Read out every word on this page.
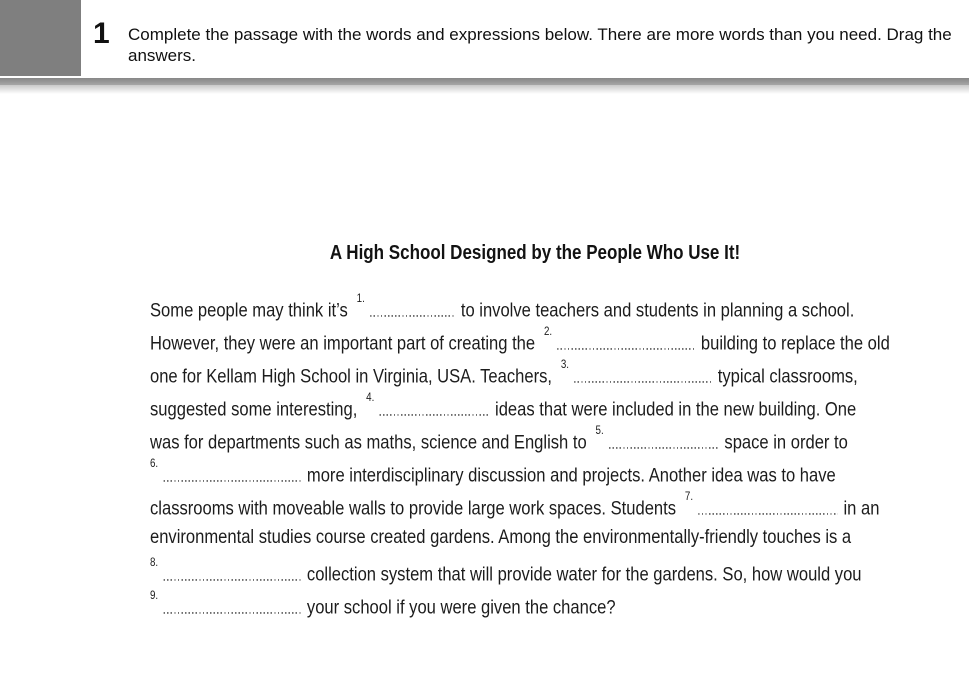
1 Complete the passage with the words and expressions below. There are more words than you need. Drag the answers.
A High School Designed by the People Who Use It!
Some people may think it’s $^{1.}$to involve teachers and students in planning a school.
However, they were an important part of creating the $^{2.}$building to replace the old
one for Kellam High School in Virginia, USA. Teachers, $^{3.}$typical classrooms,
suggested some interesting, $^{4.}$ideas that were included in the new building. One
was for departments such as maths, science and English to $^{5.}$space in order to
$^{6.}$more interdisciplinary discussion and projects. Another idea was to have
classrooms with moveable walls to provide large work spaces. Students $^{7.}$in an
environmental studies course created gardens. Among the environmentally-friendly touches is a
$^{8.}$collection system that will provide water for the gardens. So, how would you
$^{9.}$your school if you were given the chance?
